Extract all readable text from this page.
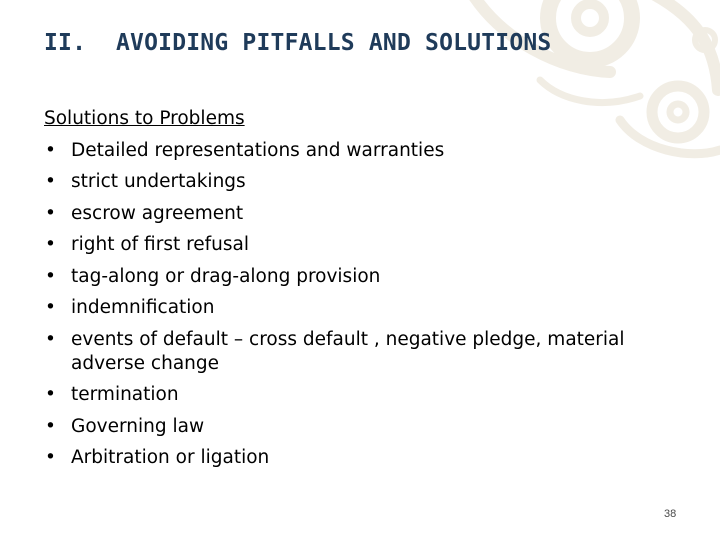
II. AVOIDING PITFALLS AND SOLUTIONS

Solutions to Problems

• Detailed representations and warranties
• strict undertakings
• escrow agreement
• right of first refusal
• tag-along or drag-along provision
• indemnification
• events of default – cross default , negative pledge, material adverse change
• termination
• Governing law
• Arbitration or ligation
38
